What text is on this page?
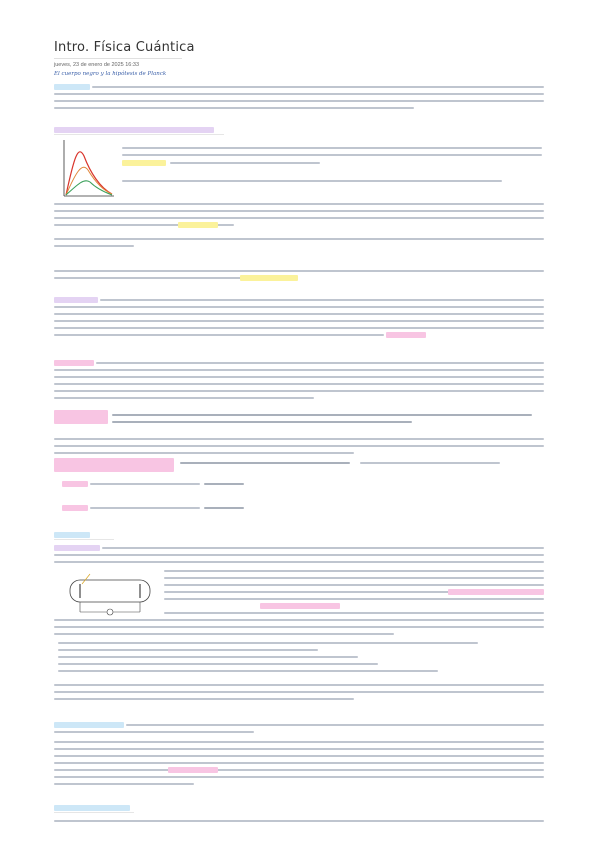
Intro. Física Cuántica
jueves, 23 de enero de 2025 16:33
El cuerpo negro y la hipótesis de Planck
